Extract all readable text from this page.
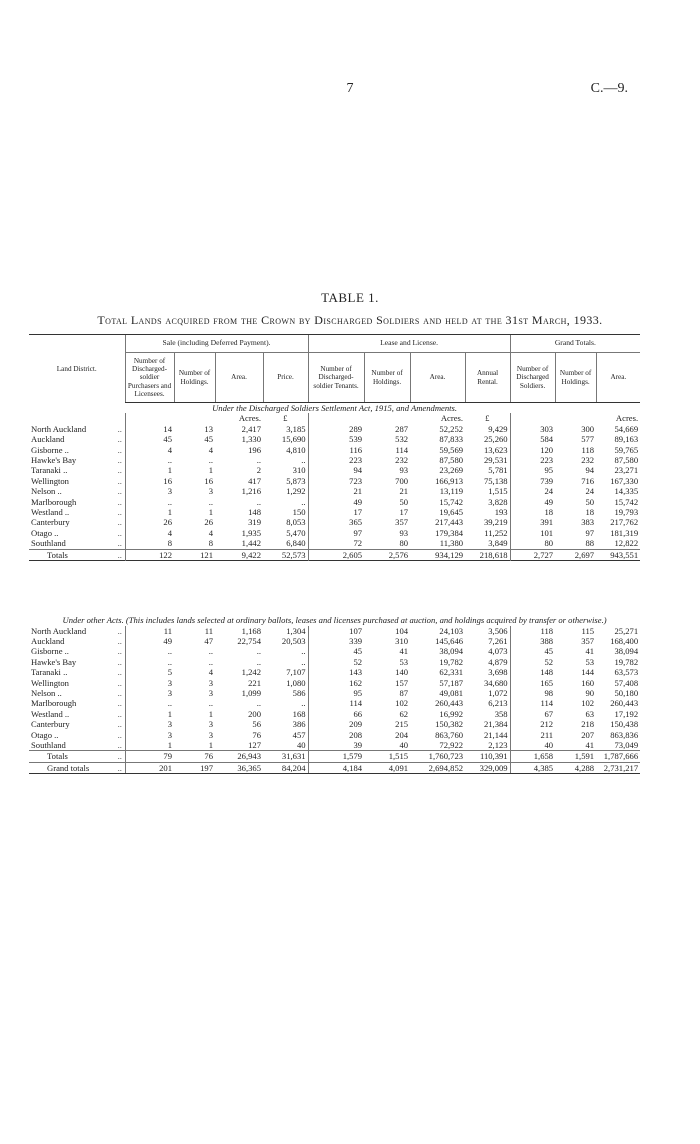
7	C.—9.
TABLE 1.
Total Lands acquired from the Crown by Discharged Soldiers and held at the 31st March, 1933.
Land District.		Sale (including Deferred Payment).				Lease and License.				Grand Totals.		
		Number of Discharged-soldier Purchasers and Licensees.	Number of Holdings.	Area.	Price.	Number of Discharged-soldier Tenants.	Number of Holdings.	Area.	Annual Rental.	Number of Discharged Soldiers.	Number of Holdings.	Area.
Under the Discharged Soldiers Settlement Act, 1915, and Amendments.												
				Acres.	£			Acres.	£			Acres.
North Auckland	..	14	13	2,417	3,185	289	287	52,252	9,429	303	300	54,669
Auckland	..	45	45	1,330	15,690	539	532	87,833	25,260	584	577	89,163
Gisborne ..	..	4	4	196	4,810	116	114	59,569	13,623	120	118	59,765
Hawke's Bay	..	..	..	..	..	223	232	87,580	29,531	223	232	87,580
Taranaki ..	..	1	1	2	310	94	93	23,269	5,781	95	94	23,271
Wellington	..	16	16	417	5,873	723	700	166,913	75,138	739	716	167,330
Nelson ..	..	3	3	1,216	1,292	21	21	13,119	1,515	24	24	14,335
Marlborough	..	..	..	..	..	49	50	15,742	3,828	49	50	15,742
Westland ..	..	1	1	148	150	17	17	19,645	193	18	18	19,793
Canterbury	..	26	26	319	8,053	365	357	217,443	39,219	391	383	217,762
Otago ..	..	4	4	1,935	5,470	97	93	179,384	11,252	101	97	181,319
Southland	..	8	8	1,442	6,840	72	80	11,380	3,849	80	88	12,822
Totals	..	122	121	9,422	52,573	2,605	2,576	934,129	218,618	2,727	2,697	943,551

Under other Acts. (This includes lands selected at ordinary ballots, leases and licenses purchased at auction, and holdings acquired by transfer or otherwise.)												
North Auckland	..	11	11	1,168	1,304	107	104	24,103	3,506	118	115	25,271
Auckland	..	49	47	22,754	20,503	339	310	145,646	7,261	388	357	168,400
Gisborne ..	..	..	..	..	..	45	41	38,094	4,073	45	41	38,094
Hawke's Bay	..	..	..	..	..	52	53	19,782	4,879	52	53	19,782
Taranaki ..	..	5	4	1,242	7,107	143	140	62,331	3,698	148	144	63,573
Wellington	..	3	3	221	1,080	162	157	57,187	34,680	165	160	57,408
Nelson ..	..	3	3	1,099	586	95	87	49,081	1,072	98	90	50,180
Marlborough	..	..	..	..	..	114	102	260,443	6,213	114	102	260,443
Westland ..	..	1	1	200	168	66	62	16,992	358	67	63	17,192
Canterbury	..	3	3	56	386	209	215	150,382	21,384	212	218	150,438
Otago ..	..	3	3	76	457	208	204	863,760	21,144	211	207	863,836
Southland	..	1	1	127	40	39	40	72,922	2,123	40	41	73,049
Totals	..	79	76	26,943	31,631	1,579	1,515	1,760,723	110,391	1,658	1,591	1,787,666
Grand totals	..	201	197	36,365	84,204	4,184	4,091	2,694,852	329,009	4,385	4,288	2,731,217
